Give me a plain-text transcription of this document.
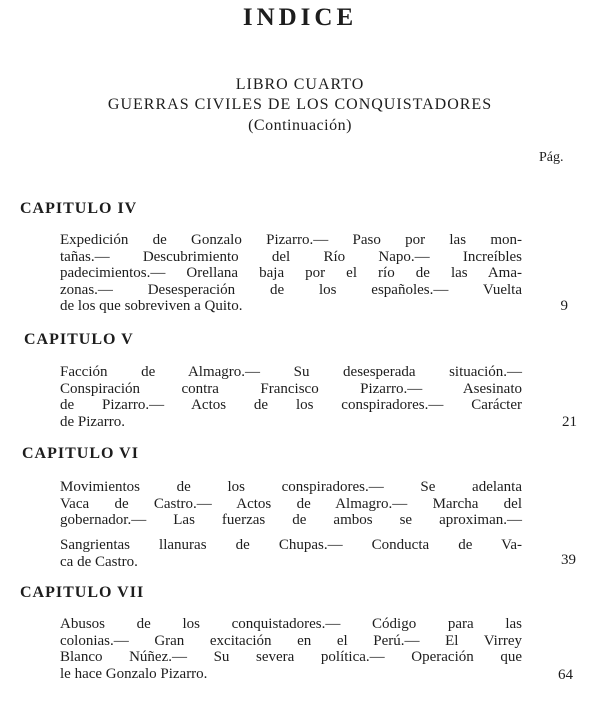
INDICE
LIBRO CUARTO
GUERRAS CIVILES DE LOS CONQUISTADORES
(Continuación)
Pág.
CAPITULO IV
Expedición de Gonzalo Pizarro.— Paso por las mon-
tañas.— Descubrimiento del Río Napo.— Increíbles
padecimientos.— Orellana baja por el río de las Ama-
zonas.— Desesperación de los españoles.— Vuelta
de los que sobreviven a Quito.	9
CAPITULO V
Facción de Almagro.— Su desesperada situación.—
Conspiración contra Francisco Pizarro.— Asesinato
de Pizarro.— Actos de los conspiradores.— Carácter
de Pizarro.	21
CAPITULO VI
Movimientos de los conspiradores.— Se adelanta
Vaca de Castro.— Actos de Almagro.— Marcha del
gobernador.— Las fuerzas de ambos se aproximan.—
Sangrientas llanuras de Chupas.— Conducta de Va-
ca de Castro.	39
CAPITULO VII
Abusos de los conquistadores.— Código para las
colonias.— Gran excitación en el Perú.— El Virrey
Blanco Núñez.— Su severa política.— Operación que
le hace Gonzalo Pizarro.	64
